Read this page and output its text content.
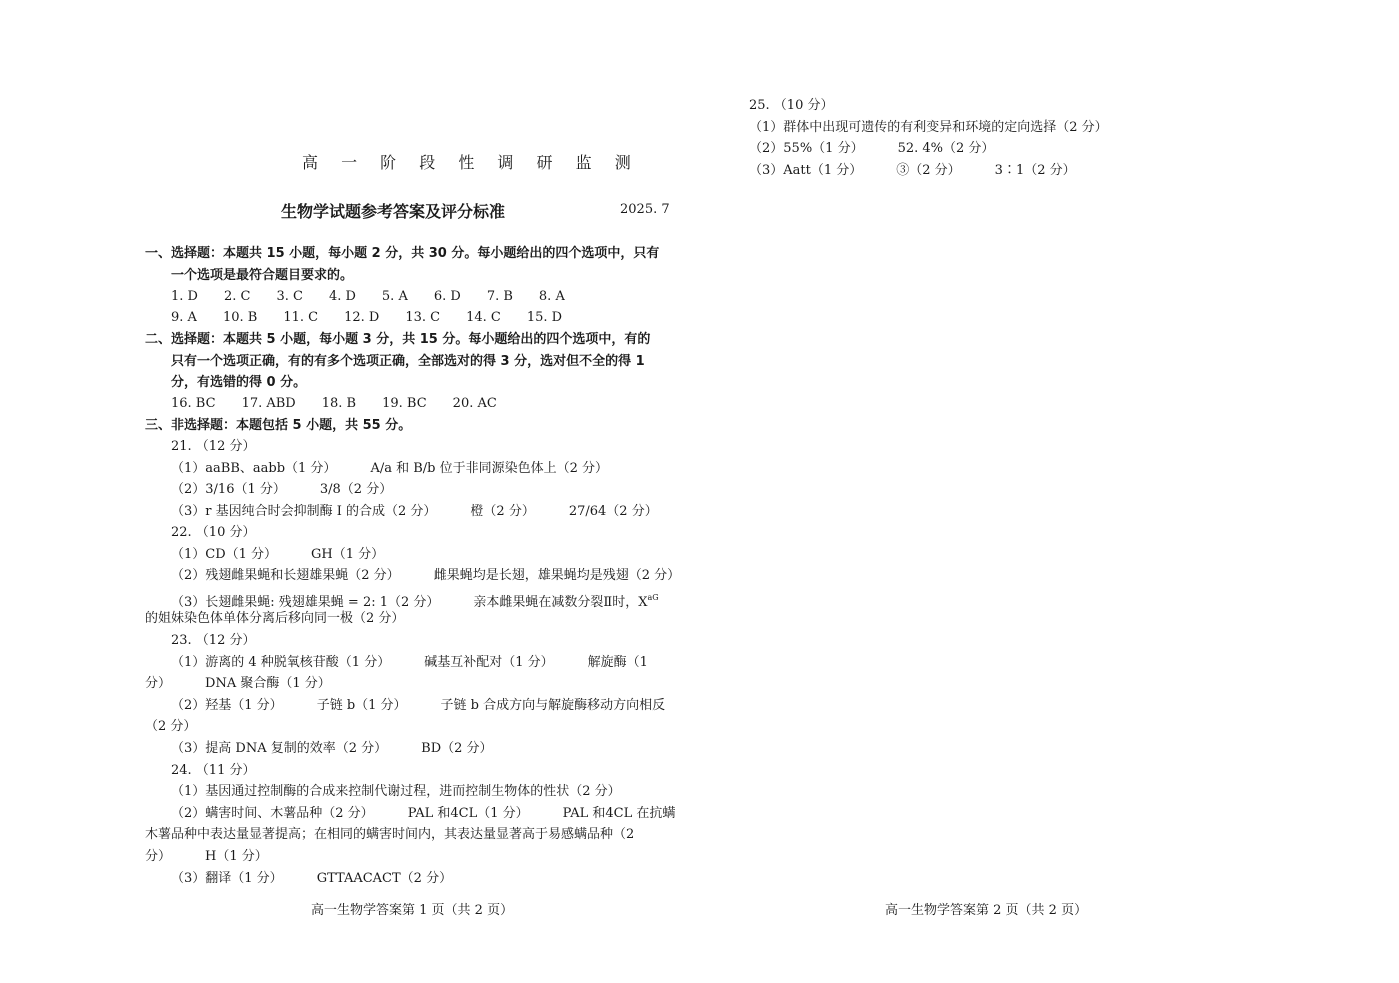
高 一 阶 段 性 调 研 监 测
生物学试题参考答案及评分标准	2025. 7
一、选择题：本题共 15 小题，每小题 2 分，共 30 分。每小题给出的四个选项中，只有
一个选项是最符合题目要求的。
1. D 2. C 3. C 4. D 5. A 6. D 7. B 8. A
9. A 10. B 11. C 12. D 13. C 14. C 15. D
二、选择题：本题共 5 小题，每小题 3 分，共 15 分。每小题给出的四个选项中，有的
只有一个选项正确，有的有多个选项正确，全部选对的得 3 分，选对但不全的得 1
分，有选错的得 0 分。
16. BC 17. ABD 18. B 19. BC 20. AC
三、非选择题：本题包括 5 小题，共 55 分。
21. （12 分）
（1）aaBB、aabb（1 分）	A/a 和 B/b 位于非同源染色体上（2 分）
（2）3/16（1 分）	3/8（2 分）
（3）r 基因纯合时会抑制酶 I 的合成（2 分）	橙（2 分）	27/64（2 分）
22. （10 分）
（1）CD（1 分）	GH（1 分）
（2）残翅雌果蝇和长翅雄果蝇（2 分）	雌果蝇均是长翅，雄果蝇均是残翅（2 分）
（3）长翅雌果蝇: 残翅雄果蝇 = 2: 1（2 分）	亲本雌果蝇在减数分裂Ⅱ时，$X^{aG}$
的姐妹染色体单体分离后移向同一极（2 分）
23. （12 分）
（1）游离的 4 种脱氧核苷酸（1 分）	碱基互补配对（1 分）	解旋酶（1
分）	DNA 聚合酶（1 分）
（2）羟基（1 分）	子链 b（1 分）	子链 b 合成方向与解旋酶移动方向相反
（2 分）
（3）提高 DNA 复制的效率（2 分）	BD（2 分）
24. （11 分）
（1）基因通过控制酶的合成来控制代谢过程，进而控制生物体的性状（2 分）
（2）螨害时间、木薯品种（2 分）	PAL 和4CL（1 分）	PAL 和4CL 在抗螨
木薯品种中表达量显著提高；在相同的螨害时间内，其表达量显著高于易感螨品种（2
分）	H（1 分）
（3）翻译（1 分）	GTTAACACT（2 分）
高一生物学答案第 1 页（共 2 页）
25. （10 分）
（1）群体中出现可遗传的有利变异和环境的定向选择（2 分）
（2）55%（1 分）	52. 4%（2 分）
（3）Aatt（1 分）	③（2 分）	3∶1（2 分）
高一生物学答案第 2 页（共 2 页）
